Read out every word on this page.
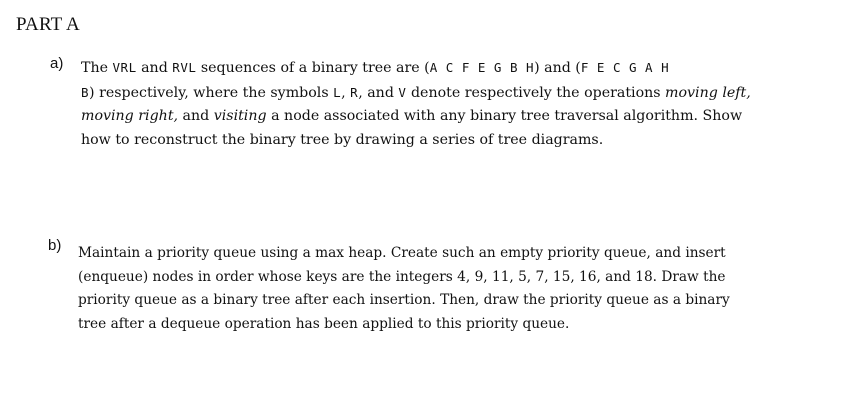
PART A
a) The VRL and RVL sequences of a binary tree are (A C F E G B H) and (F E C G A H
B) respectively, where the symbols L, R, and V denote respectively the operations moving left,
moving right, and visiting a node associated with any binary tree traversal algorithm. Show
how to reconstruct the binary tree by drawing a series of tree diagrams.
b) Maintain a priority queue using a max heap. Create such an empty priority queue, and insert
(enqueue) nodes in order whose keys are the integers 4, 9, 11, 5, 7, 15, 16, and 18. Draw the
priority queue as a binary tree after each insertion. Then, draw the priority queue as a binary
tree after a dequeue operation has been applied to this priority queue.
